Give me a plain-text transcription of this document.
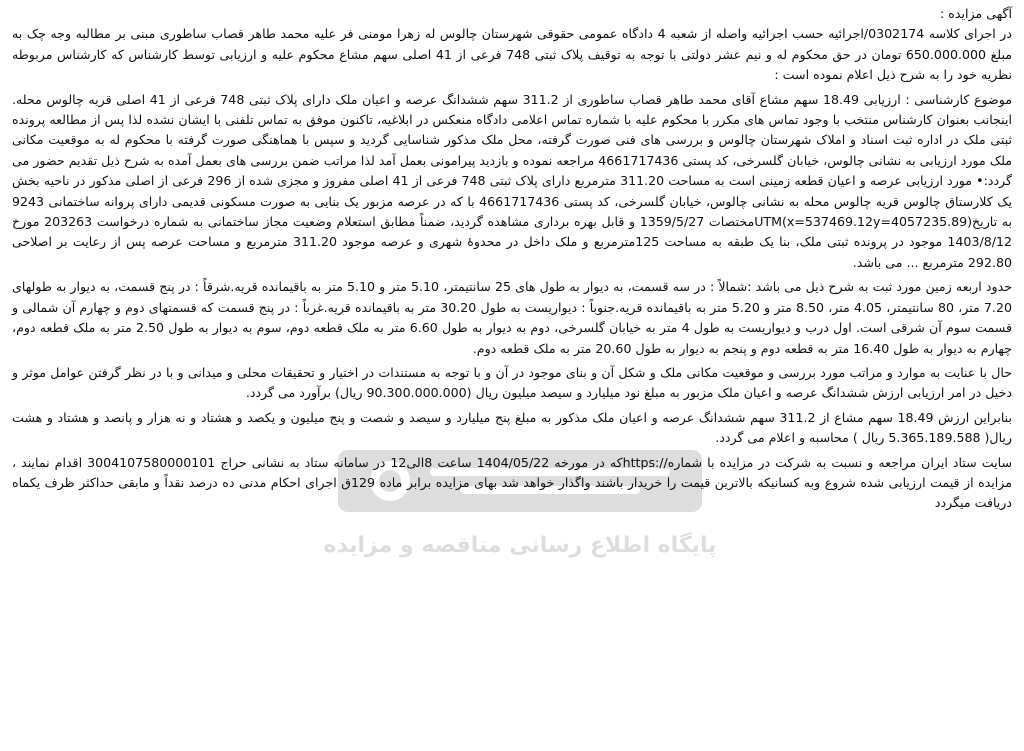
پایگاه اطلاع رسانی مناقصه و مزایده

آگهی مزایده :

در اجرای کلاسه 0302174/اجرائیه حسب اجرائیه واصله از شعبه 4 دادگاه عمومی حقوقی شهرستان چالوس له زهرا مومنی فر علیه محمد طاهر قصاب ساطوری مبنی بر مطالبه وجه چک به مبلغ 650.000.000 تومان در حق محکوم له و نیم عشر دولتی با توجه به توقیف پلاک ثبتی 748 فرعی از 41 اصلی سهم مشاع محکوم علیه و ارزیابی توسط کارشناس که کارشناس مربوطه نظریه خود را به شرح ذیل اعلام نموده است :

موضوع کارشناسی : ارزیابی 18.49 سهم مشاع آقای محمد طاهر قصاب ساطوری از 311.2 سهم ششدانگ عرصه و اعیان ملک دارای پلاک ثبتی 748 فرعی از 41 اصلی قریه چالوس محله. اینجانب بعنوان کارشناس منتخب با وجود تماس های مکرر با محکوم علیه با شماره تماس اعلامی دادگاه منعکس در ابلاغیه، تاکنون موفق به تماس تلفنی با ایشان نشده لذا پس از مطالعه پرونده ثبتی ملک در اداره ثبت اسناد و املاک شهرستان چالوس و بررسی های فنی صورت گرفته، محل ملک مذکور شناسایی گردید و سپس با هماهنگی صورت گرفته با محکوم له به موقعیت مکانی ملک مورد ارزیابی به نشانی چالوس، خیابان گلسرخی، کد پستی 4661717436 مراجعه نموده و بازدید پیرامونی بعمل آمد لذا مراتب ضمن بررسی های بعمل آمده به شرح ذیل تقدیم حضور می گردد:• مورد ارزیابی عرصه و اعیان قطعه زمینی است به مساحت 311.20 مترمربع دارای پلاک ثبتی 748 فرعی از 41 اصلی مفروز و مجزی شده از 296 فرعی از اصلی مذکور در ناحیه بخش یک کلارستاق چالوس قریه چالوس محله به نشانی چالوس، خیابان گلسرخی، کد پستی 4661717436 با که در عرصه مزبور یک بنایی به صورت مسکونی قدیمی دارای پروانه ساختمانی 9243 به تاریخ(UTM(x=537469.12y=4057235.89مختصات 1359/5/27 و قابل بهره برداری مشاهده گردید، ضمناً مطابق استعلام وضعیت مجاز ساختمانی به شماره درخواست 203263 مورخ 1403/8/12 موجود در پرونده ثبتی ملک، بنا یک طبقه به مساحت 125مترمربع و ملک داخل در محدوهٔ شهری و عرصه موجود 311.20 مترمربع و مساحت عرصه پس از رعایت بر اصلاحی 292.80 مترمربع ... می باشد.

حدود اربعه زمین مورد ثبت به شرح ذیل می باشد :شمالاً : در سه قسمت، به دیوار به طول های 25 سانتیمتر، 5.10 متر و 5.10 متر به باقیمانده قریه.شرقاً : در پنج قسمت، به دیوار به طولهای 7.20 متر، 80 سانتیمتر، 4.05 متر، 8.50 متر و 5.20 متر به باقیمانده قریه.جنوباً : دیواریست به طول 30.20 متر به باقیمانده قریه.غرباً : در پنج قسمت که قسمتهای دوم و چهارم آن شمالی و قسمت سوم آن شرقی است. اول درب و دیواریست به طول 4 متر به خیابان گلسرخی، دوم به دیوار به طول 6.60 متر به ملک قطعه دوم، سوم به دیوار به طول 2.50 متر به ملک قطعه دوم، چهارم به دیوار به طول 16.40 متر به قطعه دوم و پنجم به دیوار به طول 20.60 متر به ملک قطعه دوم.

حال با عنایت به موارد و مراتب مورد بررسی و موقعیت مکانی ملک و شکل آن و بنای موجود در آن و با توجه به مستندات در اختیار و تحقیقات محلی و میدانی و با در نظر گرفتن عوامل موثر و دخیل در امر ارزیابی ارزش ششدانگ عرصه و اعیان ملک مزبور به مبلغ نود میلیارد و سیصد میلیون ریال (90.300.000.000 ریال) برآورد می گردد.

بنابراین ارزش 18.49 سهم مشاع از 311.2 سهم ششدانگ عرصه و اعیان ملک مذکور به مبلغ پنج میلیارد و سیصد و شصت و پنج میلیون و یکصد و هشتاد و نه هزار و پانصد و هشتاد و هشت ریال( 5.365.189.588 ریال ) محاسبه و اعلام می گردد.

سایت ستاد ایران مراجعه و نسبت به شرکت در مزایده با شماره//:httpsکه در مورخه 1404/05/22 ساعت 8الی12 در سامانه ستاد به نشانی حراج 3004107580000101 اقدام نمایند ، مزایده از قیمت ارزیابی شده شروع وبه کسانیکه بالاترین قیمت را خریدار باشند واگذار خواهد شد بهای مزایده برابر ماده 129ق اجرای احکام مدنی ده درصد نقداً و مابقی حداکثر ظرف یکماه دریافت میگردد
